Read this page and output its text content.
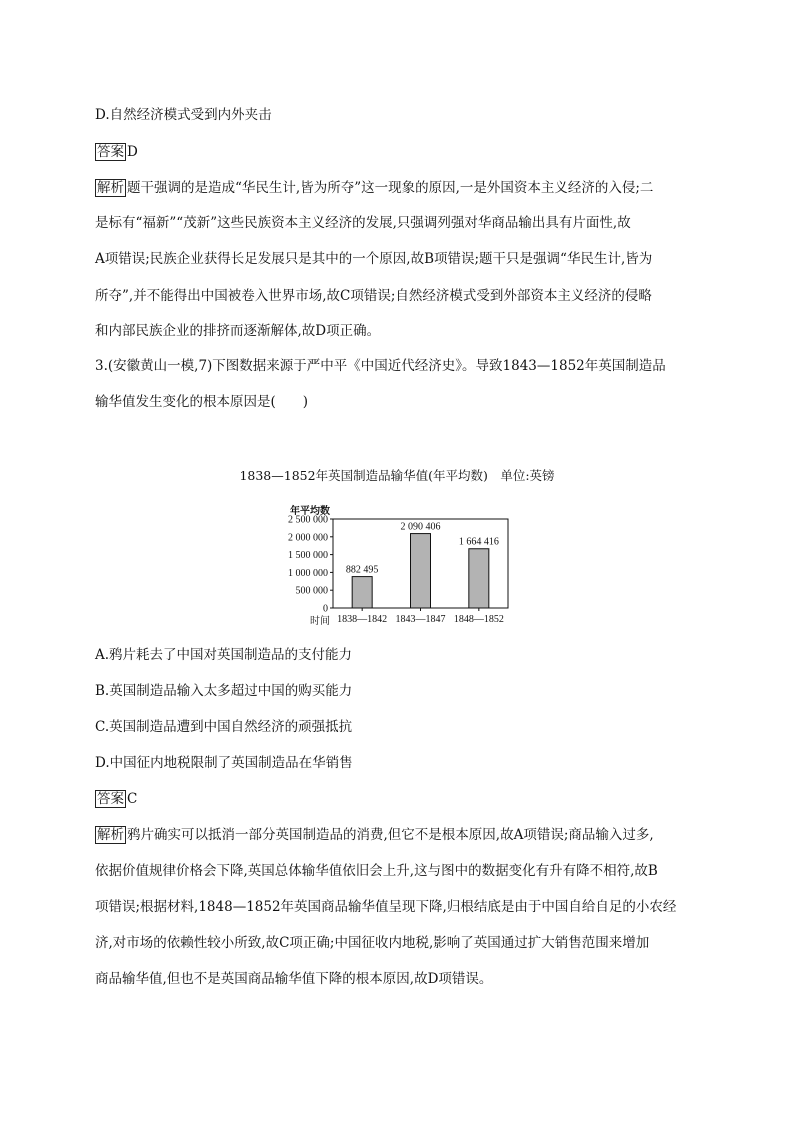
D.自然经济模式受到内外夹击
答案 D
解析 题干强调的是造成“华民生计,皆为所夺”这一现象的原因,一是外国资本主义经济的入侵;二
是标有“福新”“茂新”这些民族资本主义经济的发展,只强调列强对华商品输出具有片面性,故
A项错误;民族企业获得长足发展只是其中的一个原因,故B项错误;题干只是强调“华民生计,皆为
所夺”,并不能得出中国被卷入世界市场,故C项错误;自然经济模式受到外部资本主义经济的侵略
和内部民族企业的排挤而逐渐解体,故D项正确。
3.(安徽黄山一模,7)下图数据来源于严中平《中国近代经济史》。导致1843—1852年英国制造品
输华值发生变化的根本原因是(　　)
1838—1852年英国制造品输华值(年平均数)　单位:英镑
0
500 000
1 000 000
1 500 000
2 000 000
2 500 000
年平均数
时间
882 495
1838—1842
2 090 406
1843—1847
1 664 416
1848—1852
A.鸦片耗去了中国对英国制造品的支付能力
B.英国制造品输入太多超过中国的购买能力
C.英国制造品遭到中国自然经济的顽强抵抗
D.中国征内地税限制了英国制造品在华销售
答案 C
解析 鸦片确实可以抵消一部分英国制造品的消费,但它不是根本原因,故A项错误;商品输入过多,
依据价值规律价格会下降,英国总体输华值依旧会上升,这与图中的数据变化有升有降不相符,故B
项错误;根据材料,1848—1852年英国商品输华值呈现下降,归根结底是由于中国自给自足的小农经
济,对市场的依赖性较小所致,故C项正确;中国征收内地税,影响了英国通过扩大销售范围来增加
商品输华值,但也不是英国商品输华值下降的根本原因,故D项错误。
